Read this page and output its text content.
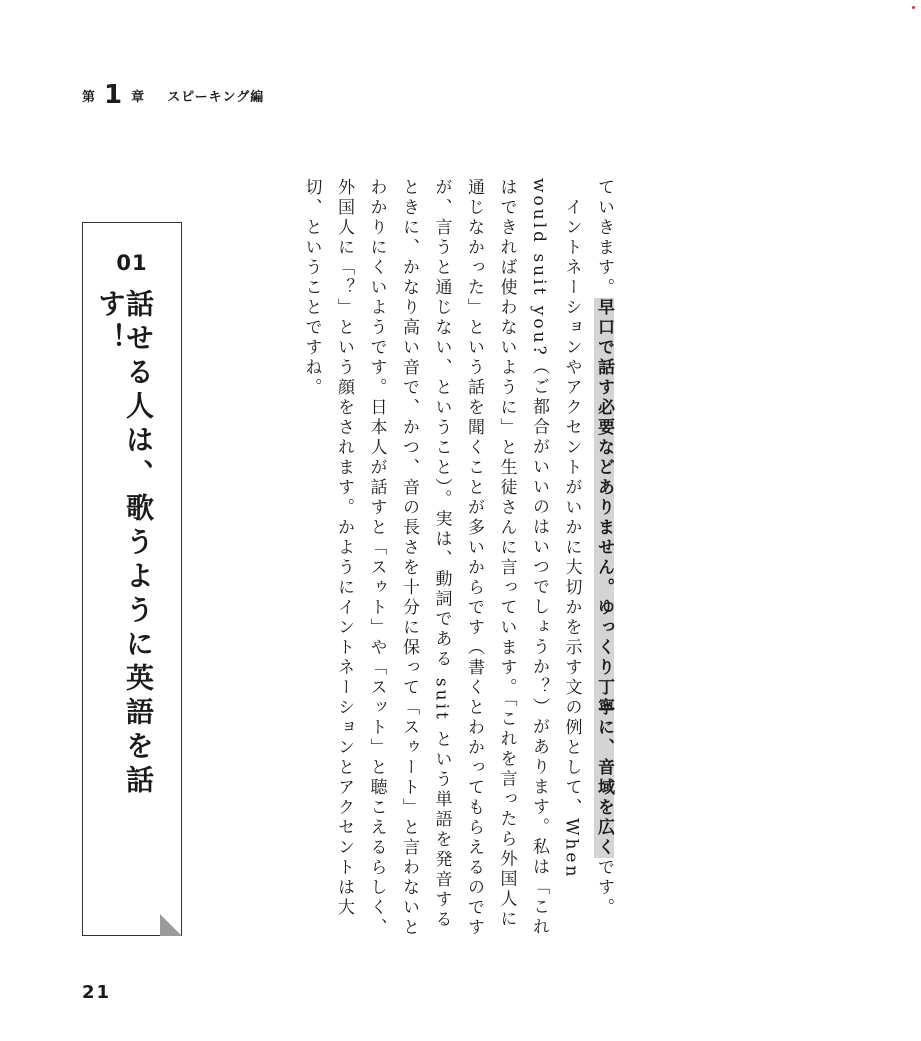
第 1 章 スピーキング編
01
話せる人は、歌うように英語を話す！

ていきます。早口で話す必要などありません。ゆっくり丁寧に、音域を広くです。

　イントネーションやアクセントがいかに大切かを示す文の例として、When would suit you?（ご都合がいいのはいつでしょうか？）があります。私は「これはできれば使わないように」と生徒さんに言っています。「これを言ったら外国人に通じなかった」という話を聞くことが多いからです（書くとわかってもらえるのですが、言うと通じない、ということ）。実は、動詞である suit という単語を発音するときに、かなり高い音で、かつ、音の長さを十分に保って「スゥート」と言わないとわかりにくいようです。日本人が話すと「スゥト」や「スット」と聴こえるらしく、外国人に「？」という顔をされます。かようにイントネーションとアクセントは大切、ということですね。

21
